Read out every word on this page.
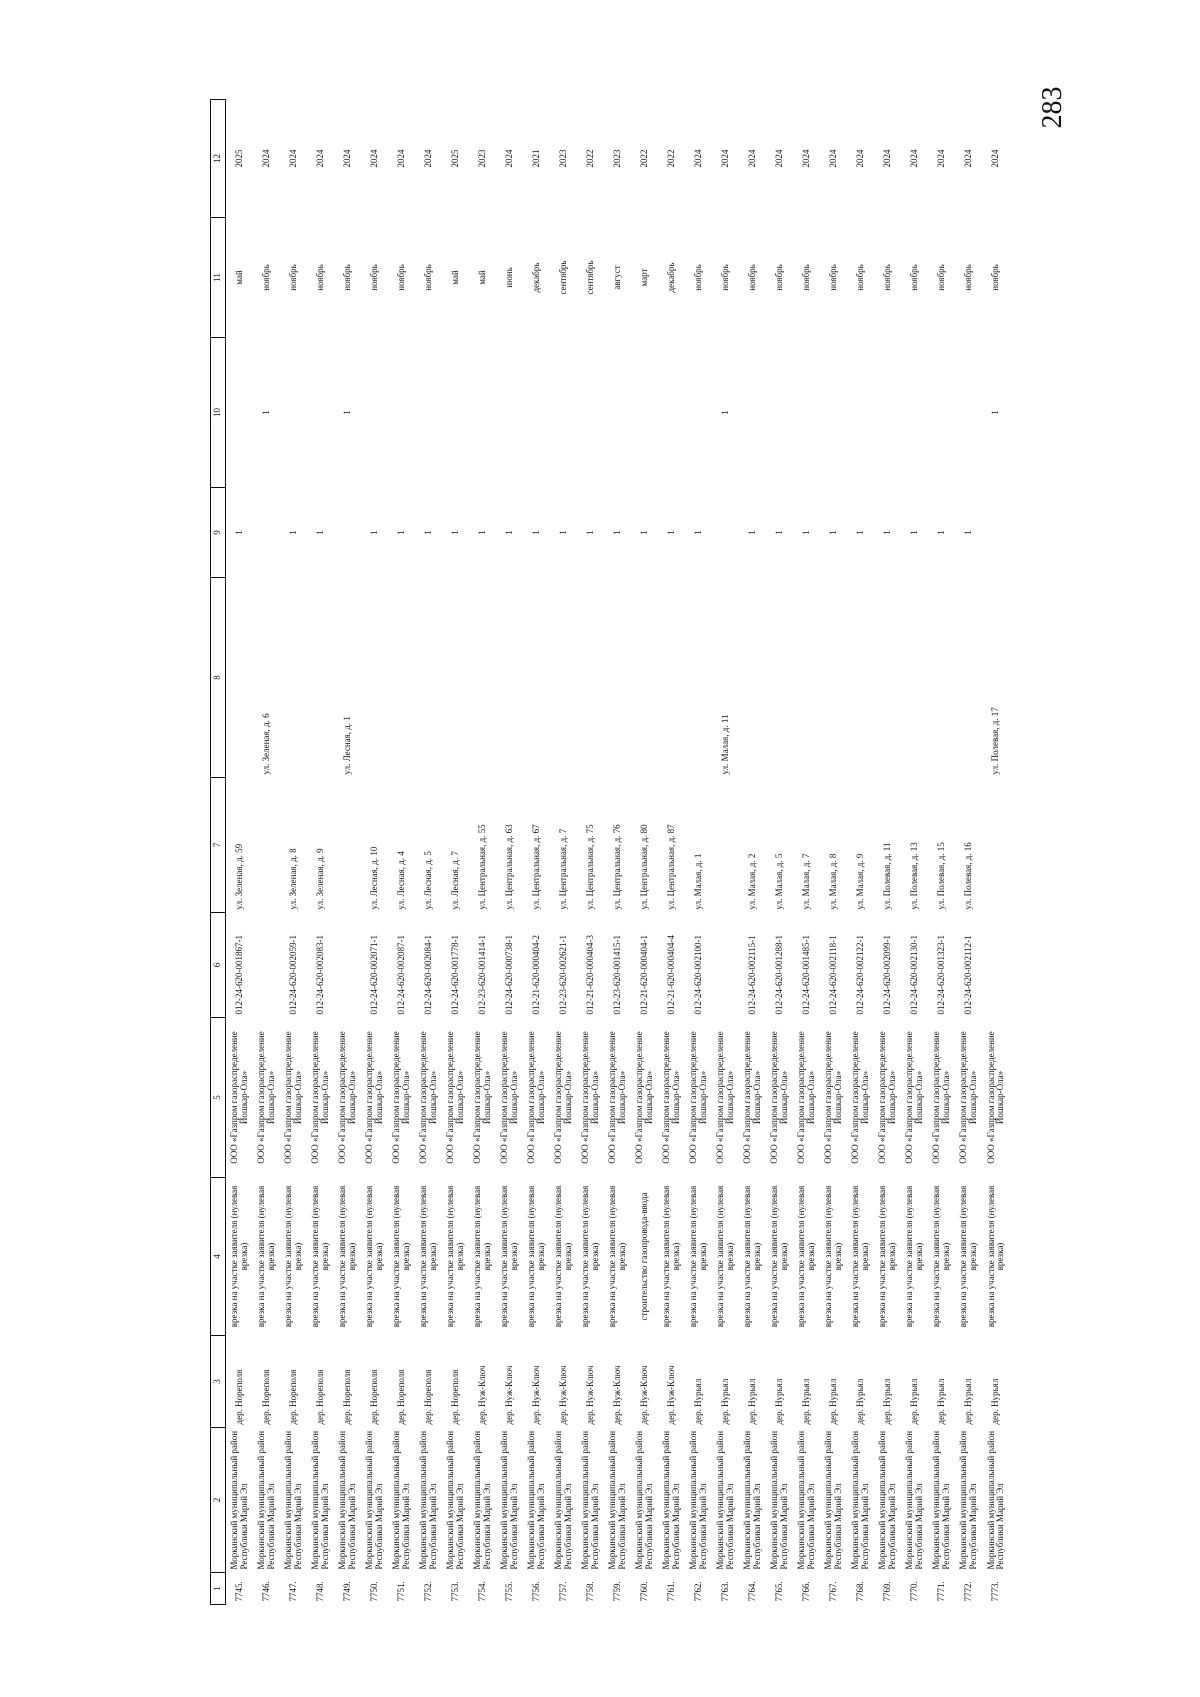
283
1	2	3	4	5	6	7	8	9	10	11	12
7745.	Моркинский муниципальный район Республики Марий Эл	дер. Нореполя	врезка на участке заявителя (нулевая врезка)	ООО «Газпром газораспределение Йошкар-Ола»	012-24-620-001867-1	ул. Зеленая, д. 59		1		май	2025
7746.	Моркинский муниципальный район Республики Марий Эл	дер. Нореполя	врезка на участке заявителя (нулевая врезка)	ООО «Газпром газораспределение Йошкар-Ола»			ул. Зеленая, д. 6		1	ноябрь	2024
7747.	Моркинский муниципальный район Республики Марий Эл	дер. Нореполя	врезка на участке заявителя (нулевая врезка)	ООО «Газпром газораспределение Йошкар-Ола»	012-24-620-002059-1	ул. Зеленая, д. 8		1		ноябрь	2024
7748.	Моркинский муниципальный район Республики Марий Эл	дер. Нореполя	врезка на участке заявителя (нулевая врезка)	ООО «Газпром газораспределение Йошкар-Ола»	012-24-620-002083-1	ул. Зеленая, д. 9		1		ноябрь	2024
7749.	Моркинский муниципальный район Республики Марий Эл	дер. Нореполя	врезка на участке заявителя (нулевая врезка)	ООО «Газпром газораспределение Йошкар-Ола»			ул. Лесная, д. 1		1	ноябрь	2024
7750.	Моркинский муниципальный район Республики Марий Эл	дер. Нореполя	врезка на участке заявителя (нулевая врезка)	ООО «Газпром газораспределение Йошкар-Ола»	012-24-620-002071-1	ул. Лесная, д. 10		1		ноябрь	2024
7751.	Моркинский муниципальный район Республики Марий Эл	дер. Нореполя	врезка на участке заявителя (нулевая врезка)	ООО «Газпром газораспределение Йошкар-Ола»	012-24-620-002087-1	ул. Лесная, д. 4		1		ноябрь	2024
7752.	Моркинский муниципальный район Республики Марий Эл	дер. Нореполя	врезка на участке заявителя (нулевая врезка)	ООО «Газпром газораспределение Йошкар-Ола»	012-24-620-002084-1	ул. Лесная, д. 5		1		ноябрь	2024
7753.	Моркинский муниципальный район Республики Марий Эл	дер. Нореполя	врезка на участке заявителя (нулевая врезка)	ООО «Газпром газораспределение Йошкар-Ола»	012-24-620-001778-1	ул. Лесная, д. 7		1		май	2025
7754.	Моркинский муниципальный район Республики Марий Эл	дер. Нуж-Ключ	врезка на участке заявителя (нулевая врезка)	ООО «Газпром газораспределение Йошкар-Ола»	012-23-620-001414-1	ул. Центральная, д. 55		1		май	2023
7755.	Моркинский муниципальный район Республики Марий Эл	дер. Нуж-Ключ	врезка на участке заявителя (нулевая врезка)	ООО «Газпром газораспределение Йошкар-Ола»	012-24-620-000738-1	ул. Центральная, д. 63		1		июнь	2024
7756.	Моркинский муниципальный район Республики Марий Эл	дер. Нуж-Ключ	врезка на участке заявителя (нулевая врезка)	ООО «Газпром газораспределение Йошкар-Ола»	012-21-620-000404-2	ул. Центральная, д. 67		1		декабрь	2021
7757.	Моркинский муниципальный район Республики Марий Эл	дер. Нуж-Ключ	врезка на участке заявителя (нулевая врезка)	ООО «Газпром газораспределение Йошкар-Ола»	012-23-620-002621-1	ул. Центральная, д. 7		1		сентябрь	2023
7758.	Моркинский муниципальный район Республики Марий Эл	дер. Нуж-Ключ	врезка на участке заявителя (нулевая врезка)	ООО «Газпром газораспределение Йошкар-Ола»	012-21-620-000404-3	ул. Центральная, д. 75		1		сентябрь	2022
7759.	Моркинский муниципальный район Республики Марий Эл	дер. Нуж-Ключ	врезка на участке заявителя (нулевая врезка)	ООО «Газпром газораспределение Йошкар-Ола»	012-23-620-001415-1	ул. Центральная, д. 76		1		август	2023
7760.	Моркинский муниципальный район Республики Марий Эл	дер. Нуж-Ключ	строительство газопровода-ввода	ООО «Газпром газораспределение Йошкар-Ола»	012-21-620-000404-1	ул. Центральная, д. 80		1		март	2022
7761.	Моркинский муниципальный район Республики Марий Эл	дер. Нуж-Ключ	врезка на участке заявителя (нулевая врезка)	ООО «Газпром газораспределение Йошкар-Ола»	012-21-620-000404-4	ул. Центральная, д. 87		1		декабрь	2022
7762.	Моркинский муниципальный район Республики Марий Эл	дер. Нурьял	врезка на участке заявителя (нулевая врезка)	ООО «Газпром газораспределение Йошкар-Ола»	012-24-620-002100-1	ул. Малая, д. 1		1		ноябрь	2024
7763.	Моркинский муниципальный район Республики Марий Эл	дер. Нурьял	врезка на участке заявителя (нулевая врезка)	ООО «Газпром газораспределение Йошкар-Ола»			ул. Малая, д. 11		1	ноябрь	2024
7764.	Моркинский муниципальный район Республики Марий Эл	дер. Нурьял	врезка на участке заявителя (нулевая врезка)	ООО «Газпром газораспределение Йошкар-Ола»	012-24-620-002115-1	ул. Малая, д. 2		1		ноябрь	2024
7765.	Моркинский муниципальный район Республики Марий Эл	дер. Нурьял	врезка на участке заявителя (нулевая врезка)	ООО «Газпром газораспределение Йошкар-Ола»	012-24-620-001288-1	ул. Малая, д. 5		1		ноябрь	2024
7766.	Моркинский муниципальный район Республики Марий Эл	дер. Нурьял	врезка на участке заявителя (нулевая врезка)	ООО «Газпром газораспределение Йошкар-Ола»	012-24-620-001485-1	ул. Малая, д. 7		1		ноябрь	2024
7767.	Моркинский муниципальный район Республики Марий Эл	дер. Нурьял	врезка на участке заявителя (нулевая врезка)	ООО «Газпром газораспределение Йошкар-Ола»	012-24-620-002118-1	ул. Малая, д. 8		1		ноябрь	2024
7768.	Моркинский муниципальный район Республики Марий Эл	дер. Нурьял	врезка на участке заявителя (нулевая врезка)	ООО «Газпром газораспределение Йошкар-Ола»	012-24-620-002122-1	ул. Малая, д. 9		1		ноябрь	2024
7769.	Моркинский муниципальный район Республики Марий Эл	дер. Нурьял	врезка на участке заявителя (нулевая врезка)	ООО «Газпром газораспределение Йошкар-Ола»	012-24-620-002099-1	ул. Полевая, д. 11		1		ноябрь	2024
7770.	Моркинский муниципальный район Республики Марий Эл	дер. Нурьял	врезка на участке заявителя (нулевая врезка)	ООО «Газпром газораспределение Йошкар-Ола»	012-24-620-002130-1	ул. Полевая, д. 13		1		ноябрь	2024
7771.	Моркинский муниципальный район Республики Марий Эл	дер. Нурьял	врезка на участке заявителя (нулевая врезка)	ООО «Газпром газораспределение Йошкар-Ола»	012-24-620-001323-1	ул. Полевая, д. 15		1		ноябрь	2024
7772.	Моркинский муниципальный район Республики Марий Эл	дер. Нурьял	врезка на участке заявителя (нулевая врезка)	ООО «Газпром газораспределение Йошкар-Ола»	012-24-620-002112-1	ул. Полевая, д. 16		1		ноябрь	2024
7773.	Моркинский муниципальный район Республики Марий Эл	дер. Нурьял	врезка на участке заявителя (нулевая врезка)	ООО «Газпром газораспределение Йошкар-Ола»			ул. Полевая, д. 17		1	ноябрь	2024
